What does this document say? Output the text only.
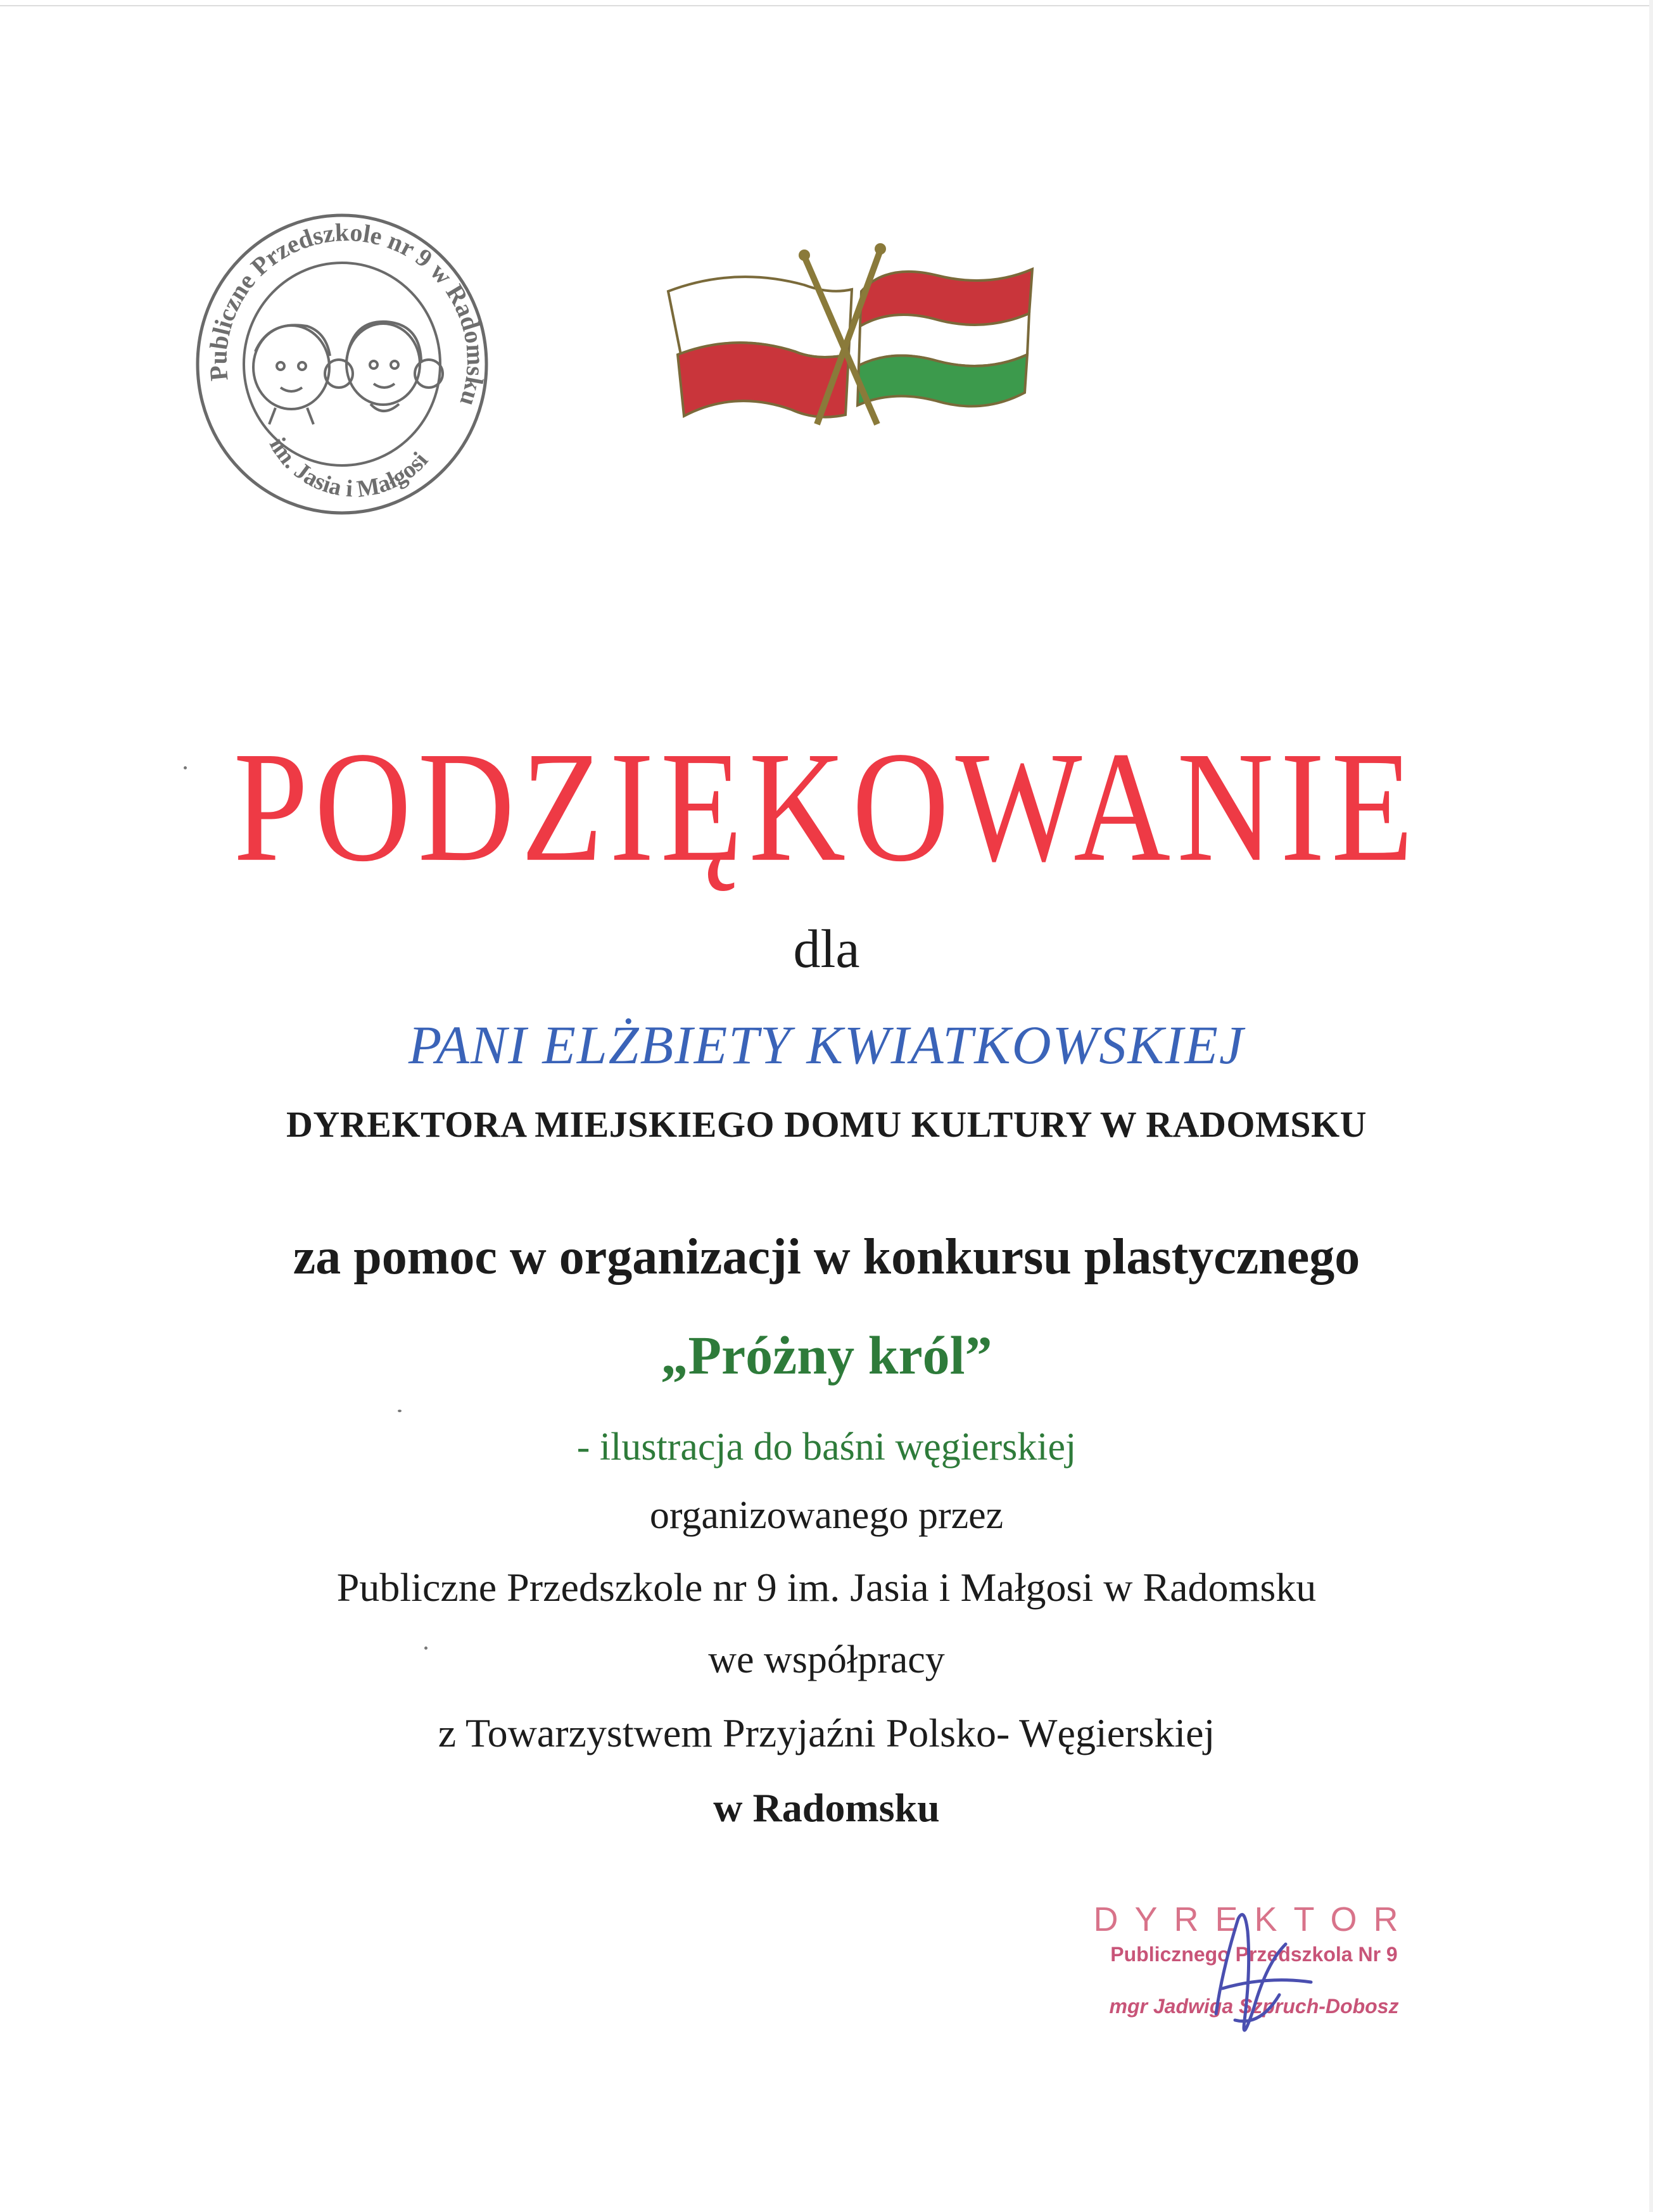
Publiczne Przedszkole nr 9 w Radomsku
im. Jasia i Małgosi
PODZIĘKOWANIE
dla
PANI ELŻBIETY KWIATKOWSKIEJ
DYREKTORA MIEJSKIEGO DOMU KULTURY W RADOMSKU
za pomoc w organizacji w konkursu plastycznego
„Próżny król”
- ilustracja do baśni węgierskiej
organizowanego przez
Publiczne Przedszkole nr 9 im. Jasia i Małgosi w Radomsku
we współpracy
z Towarzystwem Przyjaźni Polsko- Węgierskiej
w Radomsku
DYREKTOR
Publicznego Przedszkola Nr 9
mgr Jadwiga Szpruch-Dobosz
